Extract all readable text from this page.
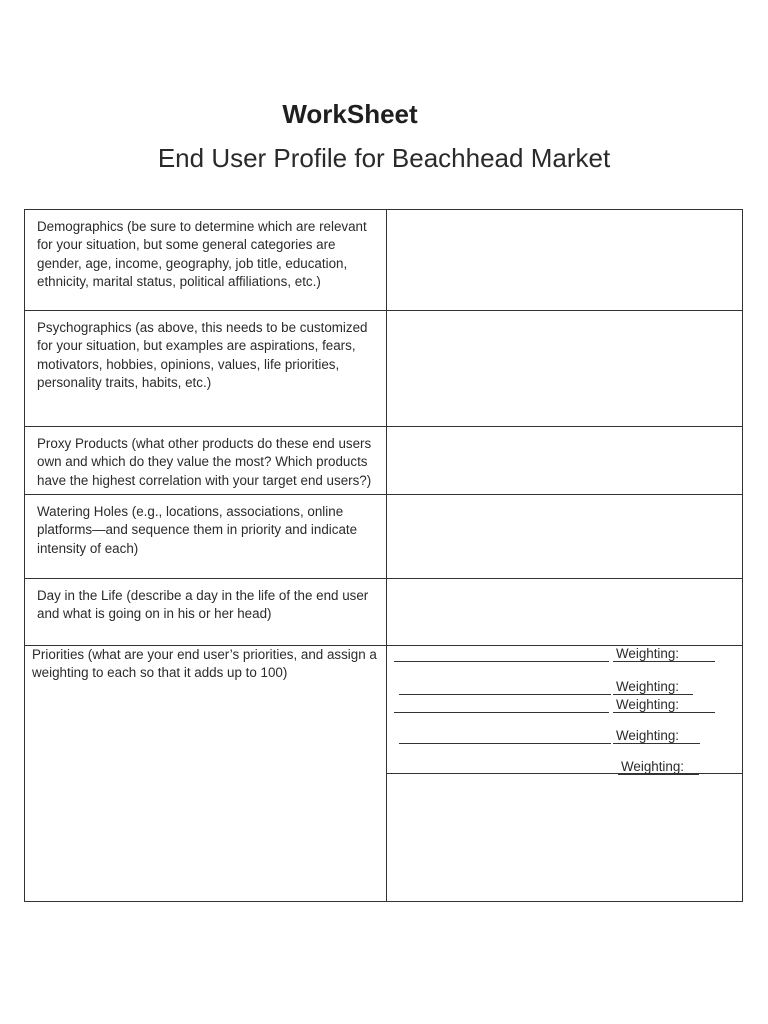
WorkSheet
End User Profile for Beachhead Market
Demographics (be sure to determine which are relevant for your situation, but some general categories are gender, age, income, geography, job title, education, ethnicity, marital status, political affiliations, etc.)	
Psychographics (as above, this needs to be customized for your situation, but examples are aspirations, fears, motivators, hobbies, opinions, values, life priorities, personality traits, habits, etc.)	
Proxy Products (what other products do these end users own and which do they value the most? Which products have the highest correlation with your target end users?)	
Watering Holes (e.g., locations, associations, online platforms—and sequence them in priority and indicate intensity of each)	
Day in the Life (describe a day in the life of the end user and what is going on in his or her head)	
Priorities (what are your end user’s priorities, and assign a weighting to each so that it adds up to 100)	Weighting:
Weighting:
Weighting:
Weighting:
Weighting:
